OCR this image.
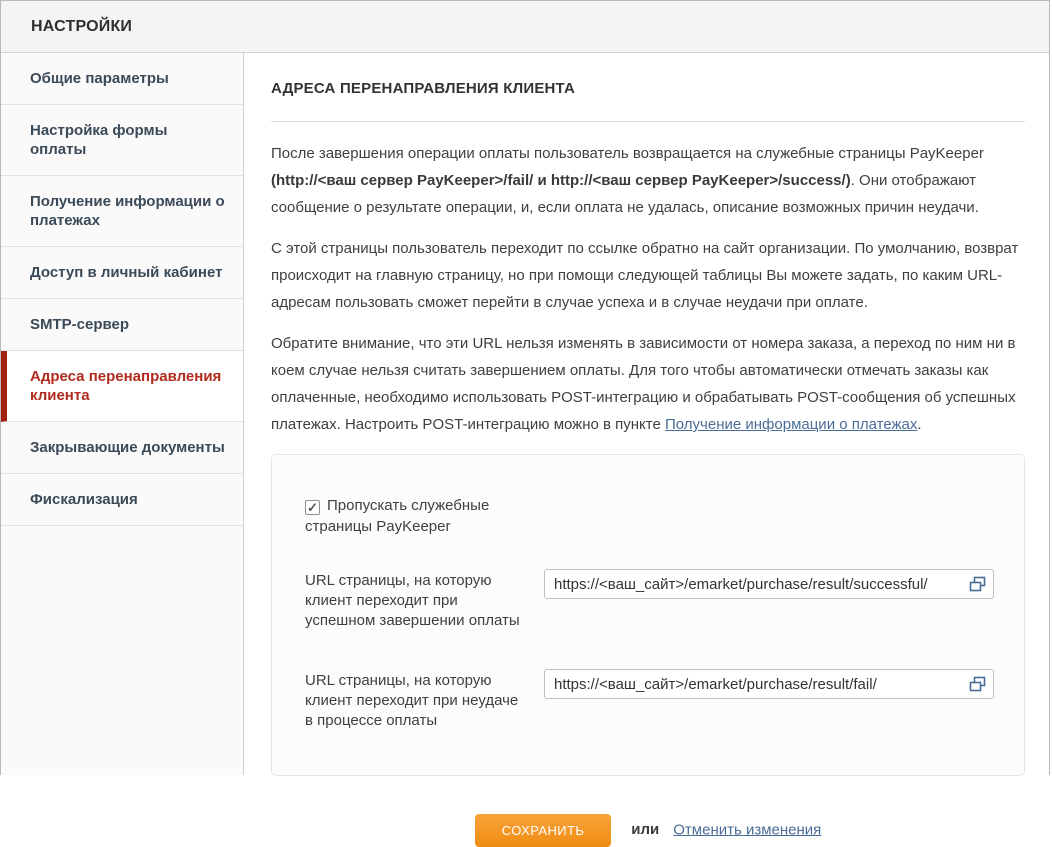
НАСТРОЙКИ
Общие параметры
Настройка формы оплаты
Получение информации о платежах
Доступ в личный кабинет
SMTP-сервер
Адреса перенаправления клиента
Закрывающие документы
Фискализация
АДРЕСА ПЕРЕНАПРАВЛЕНИЯ КЛИЕНТА

После завершения операции оплаты пользователь возвращается на служебные страницы PayKeeper (http://<ваш сервер PayKeeper>/fail/ и http://<ваш сервер PayKeeper>/success/). Они отображают сообщение о результате операции, и, если оплата не удалась, описание возможных причин неудачи.

С этой страницы пользователь переходит по ссылке обратно на сайт организации. По умолчанию, возврат происходит на главную страницу, но при помощи следующей таблицы Вы можете задать, по каким URL-адресам пользовать сможет перейти в случае успеха и в случае неудачи при оплате.

Обратите внимание, что эти URL нельзя изменять в зависимости от номера заказа, а переход по ним ни в коем случае нельзя считать завершением оплаты. Для того чтобы автоматически отмечать заказы как оплаченные, необходимо использовать POST-интеграцию и обрабатывать POST-сообщения об успешных платежах. Настроить POST-интеграцию можно в пункте Получение информации о платежах.

✓ Пропускать служебные страницы PayKeeper
URL страницы, на которую клиент переходит при успешном завершении оплаты
https://<ваш_сайт>/emarket/purchase/result/successful/
URL страницы, на которую клиент переходит при неудаче в процессе оплаты
https://<ваш_сайт>/emarket/purchase/result/fail/
СОХРАНИТЬ	или Отменить изменения
